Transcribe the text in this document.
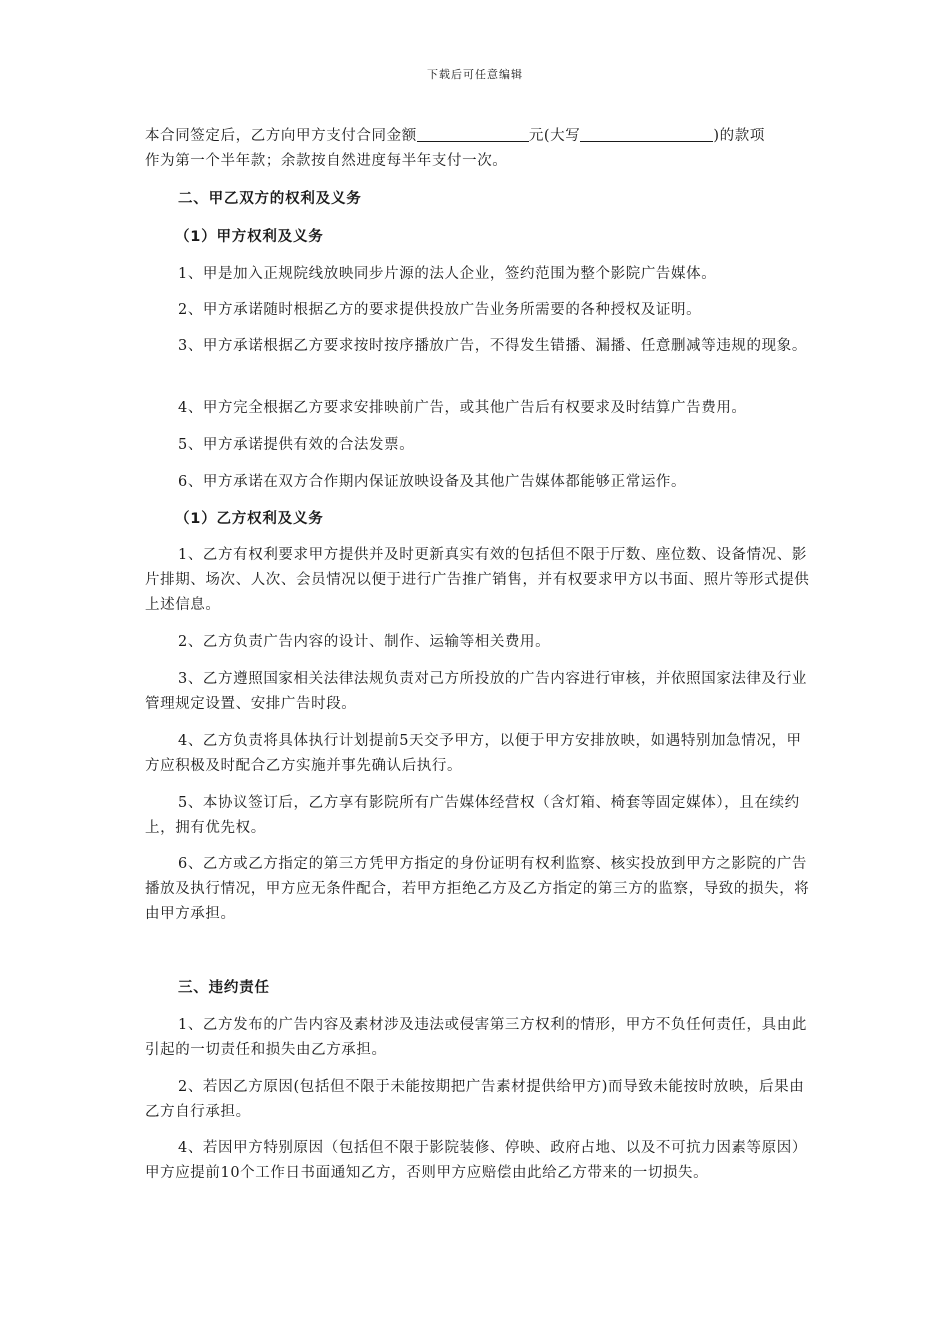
下载后可任意编辑
本合同签定后，乙方向甲方支付合同金额	元(大写	)的款项
作为第一个半年款；余款按自然进度每半年支付一次。
二、甲乙双方的权利及义务
（1）甲方权利及义务
1、甲是加入正规院线放映同步片源的法人企业，签约范围为整个影院广告媒体。
2、甲方承诺随时根据乙方的要求提供投放广告业务所需要的各种授权及证明。
3、甲方承诺根据乙方要求按时按序播放广告，不得发生错播、漏播、任意删减等违规的现象。
4、甲方完全根据乙方要求安排映前广告，或其他广告后有权要求及时结算广告费用。
5、甲方承诺提供有效的合法发票。
6、甲方承诺在双方合作期内保证放映设备及其他广告媒体都能够正常运作。
（1）乙方权利及义务
1、乙方有权利要求甲方提供并及时更新真实有效的包括但不限于厅数、座位数、设备情况、影片排期、场次、人次、会员情况以便于进行广告推广销售，并有权要求甲方以书面、照片等形式提供上述信息。
2、乙方负责广告内容的设计、制作、运输等相关费用。
3、乙方遵照国家相关法律法规负责对己方所投放的广告内容进行审核，并依照国家法律及行业管理规定设置、安排广告时段。
4、乙方负责将具体执行计划提前5天交予甲方，以便于甲方安排放映，如遇特别加急情况，甲方应积极及时配合乙方实施并事先确认后执行。
5、本协议签订后，乙方享有影院所有广告媒体经营权（含灯箱、椅套等固定媒体），且在续约上，拥有优先权。
6、乙方或乙方指定的第三方凭甲方指定的身份证明有权利监察、核实投放到甲方之影院的广告播放及执行情况，甲方应无条件配合，若甲方拒绝乙方及乙方指定的第三方的监察，导致的损失，将由甲方承担。
三、违约责任
1、乙方发布的广告内容及素材涉及违法或侵害第三方权利的情形，甲方不负任何责任，具由此引起的一切责任和损失由乙方承担。
2、若因乙方原因(包括但不限于未能按期把广告素材提供给甲方)而导致未能按时放映，后果由乙方自行承担。
4、若因甲方特别原因（包括但不限于影院装修、停映、政府占地、以及不可抗力因素等原因）甲方应提前10个工作日书面通知乙方，否则甲方应赔偿由此给乙方带来的一切损失。
